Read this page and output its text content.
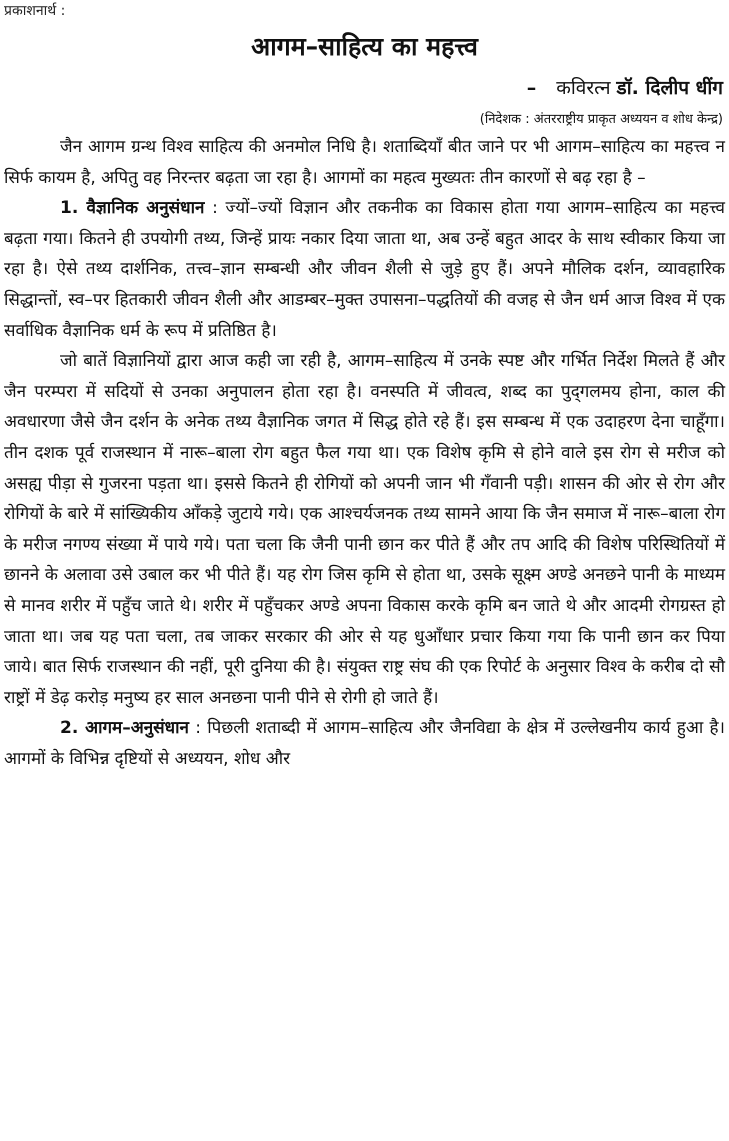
प्रकाशनार्थ :
आगम–साहित्य का महत्त्व
– कविरत्न डॉ. दिलीप धींग
(निदेशक : अंतरराष्ट्रीय प्राकृत अध्ययन व शोध केन्द्र)

जैन आगम ग्रन्थ विश्व साहित्य की अनमोल निधि है। शताब्दियाँ बीत जाने पर भी आगम–साहित्य का महत्त्व न सिर्फ कायम है, अपितु वह निरन्तर बढ़ता जा रहा है। आगमों का महत्व मुख्यतः तीन कारणों से बढ़ रहा है –

1. वैज्ञानिक अनुसंधान : ज्यों–ज्यों विज्ञान और तकनीक का विकास होता गया आगम–साहित्य का महत्त्व बढ़ता गया। कितने ही उपयोगी तथ्य, जिन्हें प्रायः नकार दिया जाता था, अब उन्हें बहुत आदर के साथ स्वीकार किया जा रहा है। ऐसे तथ्य दार्शनिक, तत्त्व–ज्ञान सम्बन्धी और जीवन शैली से जुड़े हुए हैं। अपने मौलिक दर्शन, व्यावहारिक सिद्धान्तों, स्व–पर हितकारी जीवन शैली और आडम्बर–मुक्त उपासना–पद्धतियों की वजह से जैन धर्म आज विश्व में एक सर्वाधिक वैज्ञानिक धर्म के रूप में प्रतिष्ठित है।

जो बातें विज्ञानियों द्वारा आज कही जा रही है, आगम–साहित्य में उनके स्पष्ट और गर्भित निर्देश मिलते हैं और जैन परम्परा में सदियों से उनका अनुपालन होता रहा है। वनस्पति में जीवत्व, शब्द का पुद्‌गलमय होना, काल की अवधारणा जैसे जैन दर्शन के अनेक तथ्य वैज्ञानिक जगत में सिद्ध होते रहे हैं। इस सम्बन्ध में एक उदाहरण देना चाहूँगा। तीन दशक पूर्व राजस्थान में नारू–बाला रोग बहुत फैल गया था। एक विशेष कृमि से होने वाले इस रोग से मरीज को असह्य पीड़ा से गुजरना पड़ता था। इससे कितने ही रोगियों को अपनी जान भी गँवानी पड़ी। शासन की ओर से रोग और रोगियों के बारे में सांख्यिकीय आँकड़े जुटाये गये। एक आश्चर्यजनक तथ्य सामने आया कि जैन समाज में नारू–बाला रोग के मरीज नगण्य संख्या में पाये गये। पता चला कि जैनी पानी छान कर पीते हैं और तप आदि की विशेष परिस्थितियों में छानने के अलावा उसे उबाल कर भी पीते हैं। यह रोग जिस कृमि से होता था, उसके सूक्ष्म अण्डे अनछने पानी के माध्यम से मानव शरीर में पहुँच जाते थे। शरीर में पहुँचकर अण्डे अपना विकास करके कृमि बन जाते थे और आदमी रोगग्रस्त हो जाता था। जब यह पता चला, तब जाकर सरकार की ओर से यह धुआँधार प्रचार किया गया कि पानी छान कर पिया जाये। बात सिर्फ राजस्थान की नहीं, पूरी दुनिया की है। संयुक्त राष्ट्र संघ की एक रिपोर्ट के अनुसार विश्व के करीब दो सौ राष्ट्रों में डेढ़ करोड़ मनुष्य हर साल अनछना पानी पीने से रोगी हो जाते हैं।

2. आगम–अनुसंधान : पिछली शताब्दी में आगम–साहित्य और जैनविद्या के क्षेत्र में उल्लेखनीय कार्य हुआ है। आगमों के विभिन्न दृष्टियों से अध्ययन, शोध और
